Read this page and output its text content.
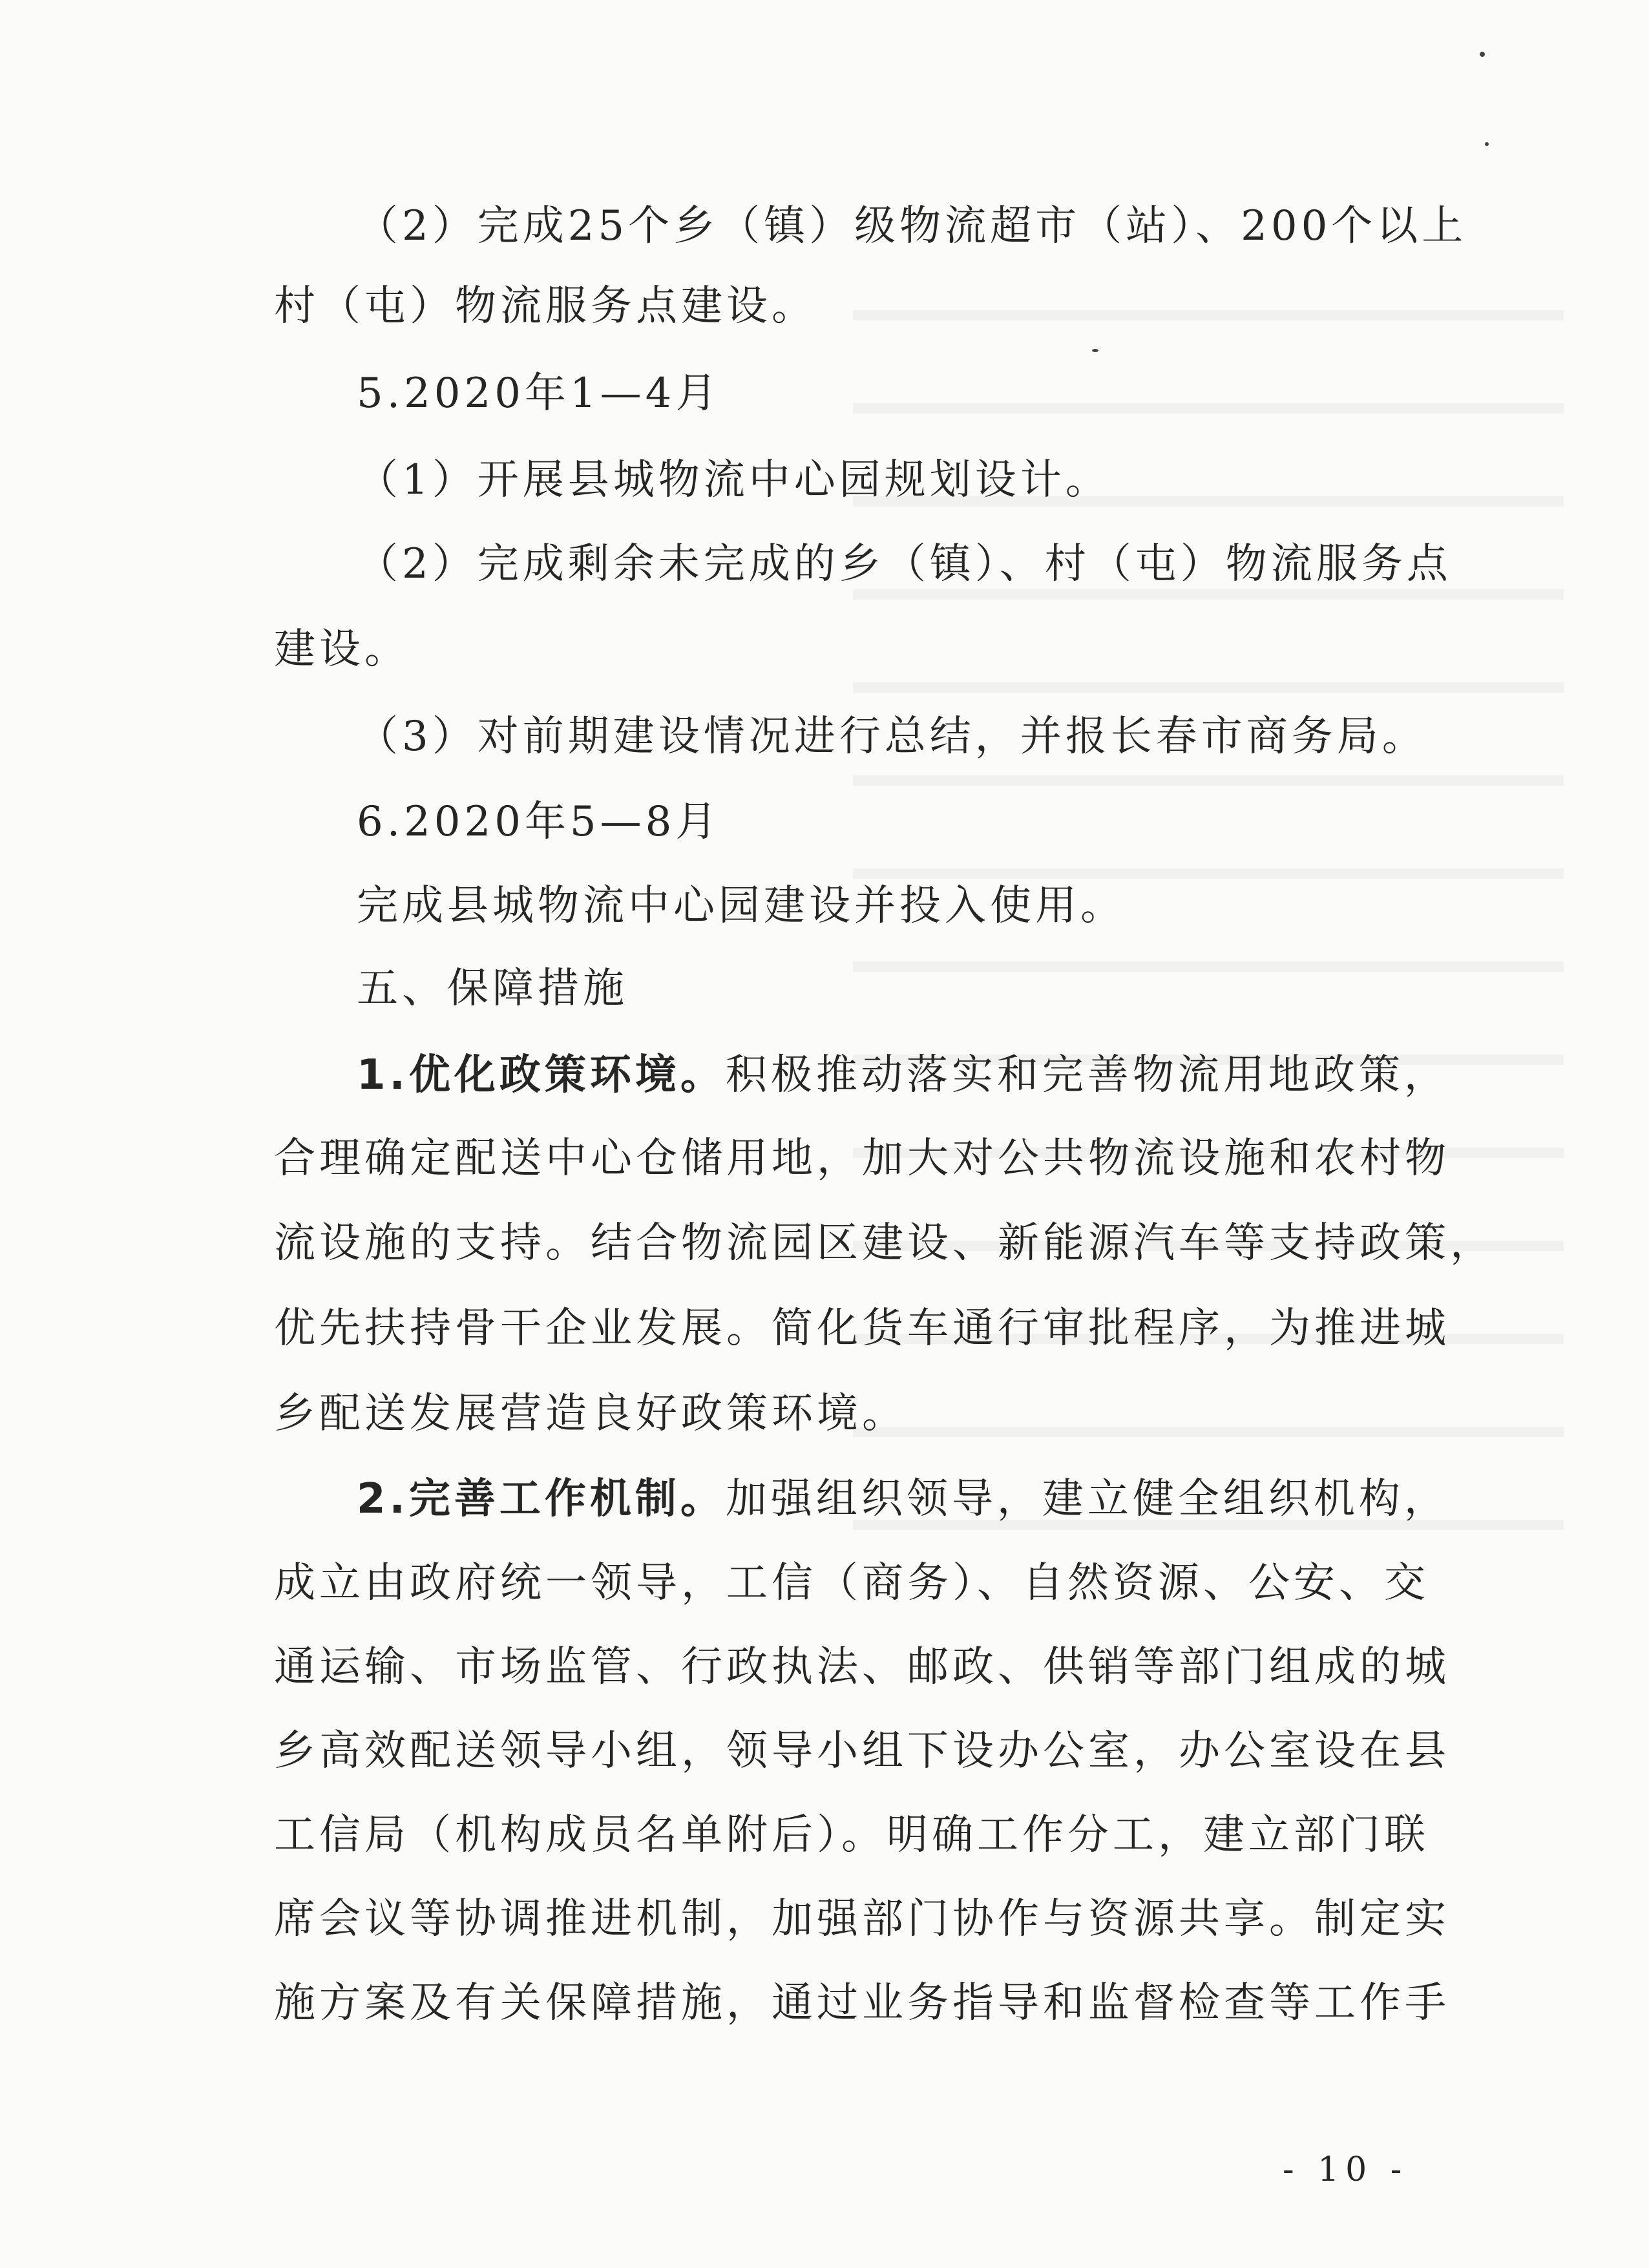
（2）完成25个乡（镇）级物流超市（站）、200个以上
村（屯）物流服务点建设。
5.2020年1—4月
（1）开展县城物流中心园规划设计。
（2）完成剩余未完成的乡（镇）、村（屯）物流服务点
建设。
（3）对前期建设情况进行总结，并报长春市商务局。
6.2020年5—8月
完成县城物流中心园建设并投入使用。
五、保障措施
1.优化政策环境。积极推动落实和完善物流用地政策，
合理确定配送中心仓储用地，加大对公共物流设施和农村物
流设施的支持。结合物流园区建设、新能源汽车等支持政策，
优先扶持骨干企业发展。简化货车通行审批程序，为推进城
乡配送发展营造良好政策环境。
2.完善工作机制。加强组织领导，建立健全组织机构，
成立由政府统一领导，工信（商务）、自然资源、公安、交
通运输、市场监管、行政执法、邮政、供销等部门组成的城
乡高效配送领导小组，领导小组下设办公室，办公室设在县
工信局（机构成员名单附后）。明确工作分工，建立部门联
席会议等协调推进机制，加强部门协作与资源共享。制定实
施方案及有关保障措施，通过业务指导和监督检查等工作手
- 10 -
